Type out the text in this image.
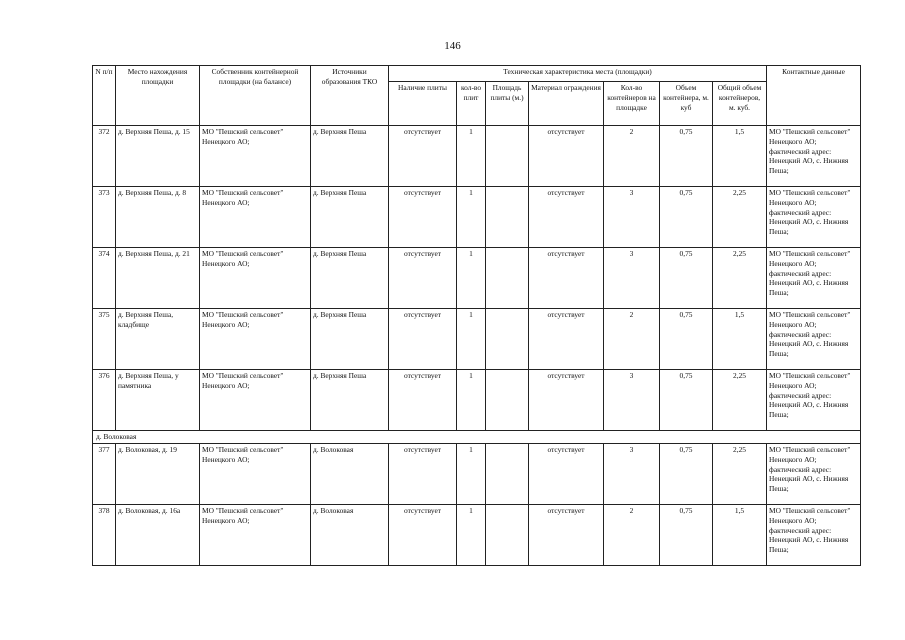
146
N п/п	Место нахождения площадки	Собственник контейнерной площадки (на балансе)	Источники образования ТКО	Техническая характеристика места (площадки)							Контактные данные
				Наличие плиты	кол-во плит	Площадь плиты (м.)	Материал ограждения	Кол-во контейнеров на площадке	Объем контейнера, м. куб	Общий объем контейнеров, м. куб.	
372	д. Верхняя Пеша, д. 15	МО "Пешский сельсовет" Ненецкого АО;	д. Верхняя Пеша	отсутствует	1		отсутствует	2	0,75	1,5	МО "Пешский сельсовет" Ненецкого АО; фактический адрес: Ненецкий АО, с. Нижняя Пеша;
373	д. Верхняя Пеша, д. 8	МО "Пешский сельсовет" Ненецкого АО;	д. Верхняя Пеша	отсутствует	1		отсутствует	3	0,75	2,25	МО "Пешский сельсовет" Ненецкого АО; фактический адрес: Ненецкий АО, с. Нижняя Пеша;
374	д. Верхняя Пеша, д. 21	МО "Пешский сельсовет" Ненецкого АО;	д. Верхняя Пеша	отсутствует	1		отсутствует	3	0,75	2,25	МО "Пешский сельсовет" Ненецкого АО; фактический адрес: Ненецкий АО, с. Нижняя Пеша;
375	д. Верхняя Пеша, кладбище	МО "Пешский сельсовет" Ненецкого АО;	д. Верхняя Пеша	отсутствует	1		отсутствует	2	0,75	1,5	МО "Пешский сельсовет" Ненецкого АО; фактический адрес: Ненецкий АО, с. Нижняя Пеша;
376	д. Верхняя Пеша, у памятника	МО "Пешский сельсовет" Ненецкого АО;	д. Верхняя Пеша	отсутствует	1		отсутствует	3	0,75	2,25	МО "Пешский сельсовет" Ненецкого АО; фактический адрес: Ненецкий АО, с. Нижняя Пеша;
д. Волоковая											
377	д. Волоковая, д. 19	МО "Пешский сельсовет" Ненецкого АО;	д. Волоковая	отсутствует	1		отсутствует	3	0,75	2,25	МО "Пешский сельсовет" Ненецкого АО; фактический адрес: Ненецкий АО, с. Нижняя Пеша;
378	д. Волоковая, д. 16а	МО "Пешский сельсовет" Ненецкого АО;	д. Волоковая	отсутствует	1		отсутствует	2	0,75	1,5	МО "Пешский сельсовет" Ненецкого АО; фактический адрес: Ненецкий АО, с. Нижняя Пеша;
